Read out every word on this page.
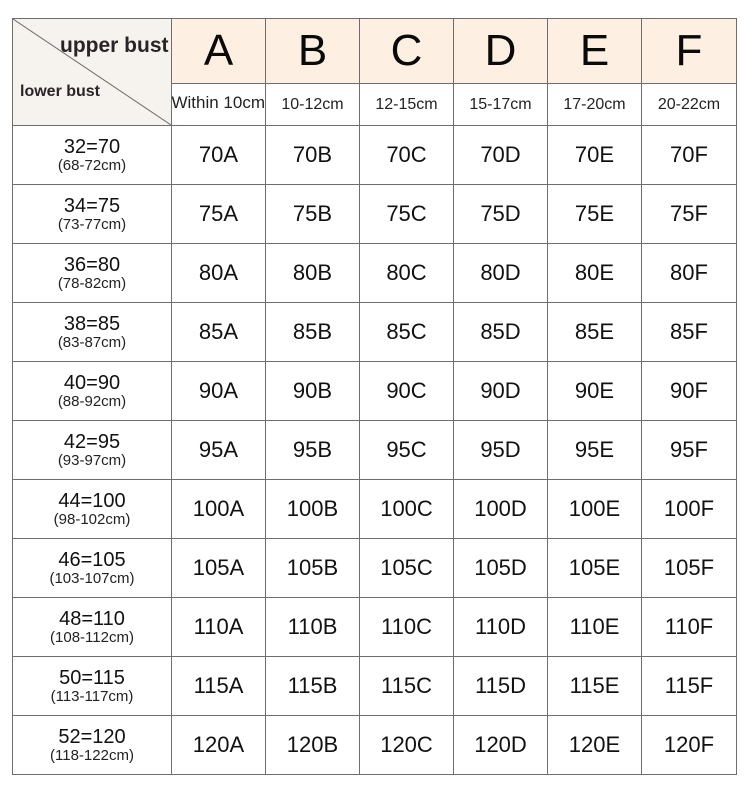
upper bust
lower bust	A	B	C	D	E	F

	Within 10cm	10-12cm	12-15cm	15-17cm	17-20cm	20-22cm

32=70
(68-72cm)	70A	70B	70C	70D	70E	70F

34=75
(73-77cm)	75A	75B	75C	75D	75E	75F

36=80
(78-82cm)	80A	80B	80C	80D	80E	80F

38=85
(83-87cm)	85A	85B	85C	85D	85E	85F

40=90
(88-92cm)	90A	90B	90C	90D	90E	90F

42=95
(93-97cm)	95A	95B	95C	95D	95E	95F

44=100
(98-102cm)	100A	100B	100C	100D	100E	100F

46=105
(103-107cm)	105A	105B	105C	105D	105E	105F

48=110
(108-112cm)	110A	110B	110C	110D	110E	110F

50=115
(113-117cm)	115A	115B	115C	115D	115E	115F

52=120
(118-122cm)	120A	120B	120C	120D	120E	120F
